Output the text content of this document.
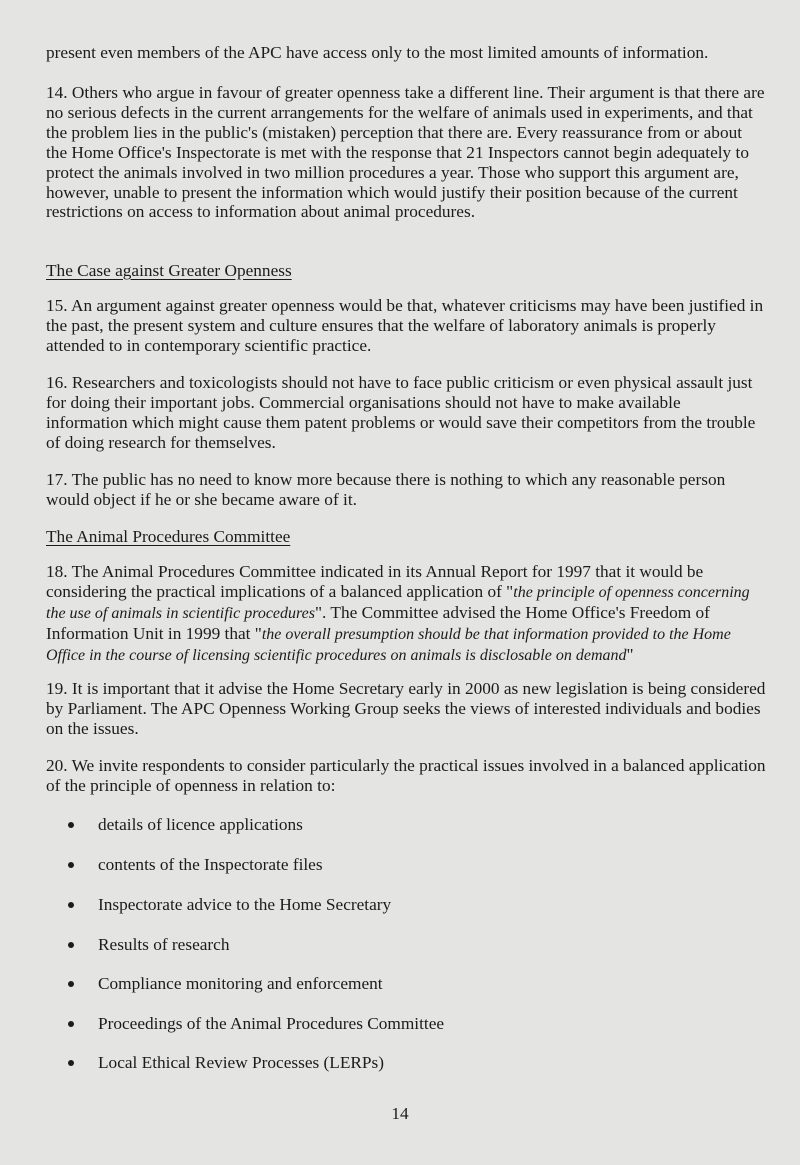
present even members of the APC have access only to the most limited amounts of information.

14. Others who argue in favour of greater openness take a different line. Their argument is that there are no serious defects in the current arrangements for the welfare of animals used in experiments, and that the problem lies in the public's (mistaken) perception that there are. Every reassurance from or about the Home Office's Inspectorate is met with the response that 21 Inspectors cannot begin adequately to protect the animals involved in two million procedures a year. Those who support this argument are, however, unable to present the information which would justify their position because of the current restrictions on access to information about animal procedures.

The Case against Greater Openness

15. An argument against greater openness would be that, whatever criticisms may have been justified in the past, the present system and culture ensures that the welfare of laboratory animals is properly attended to in contemporary scientific practice.

16. Researchers and toxicologists should not have to face public criticism or even physical assault just for doing their important jobs. Commercial organisations should not have to make available information which might cause them patent problems or would save their competitors from the trouble of doing research for themselves.

17. The public has no need to know more because there is nothing to which any reasonable person would object if he or she became aware of it.

The Animal Procedures Committee

18. The Animal Procedures Committee indicated in its Annual Report for 1997 that it would be considering the practical implications of a balanced application of "the principle of openness concerning the use of animals in scientific procedures". The Committee advised the Home Office's Freedom of Information Unit in 1999 that "the overall presumption should be that information provided to the Home Office in the course of licensing scientific procedures on animals is disclosable on demand"

19. It is important that it advise the Home Secretary early in 2000 as new legislation is being considered by Parliament. The APC Openness Working Group seeks the views of interested individuals and bodies on the issues.

20. We invite respondents to consider particularly the practical issues involved in a balanced application of the principle of openness in relation to:

details of licence applications
contents of the Inspectorate files
Inspectorate advice to the Home Secretary
Results of research
Compliance monitoring and enforcement
Proceedings of the Animal Procedures Committee
Local Ethical Review Processes (LERPs)
14
